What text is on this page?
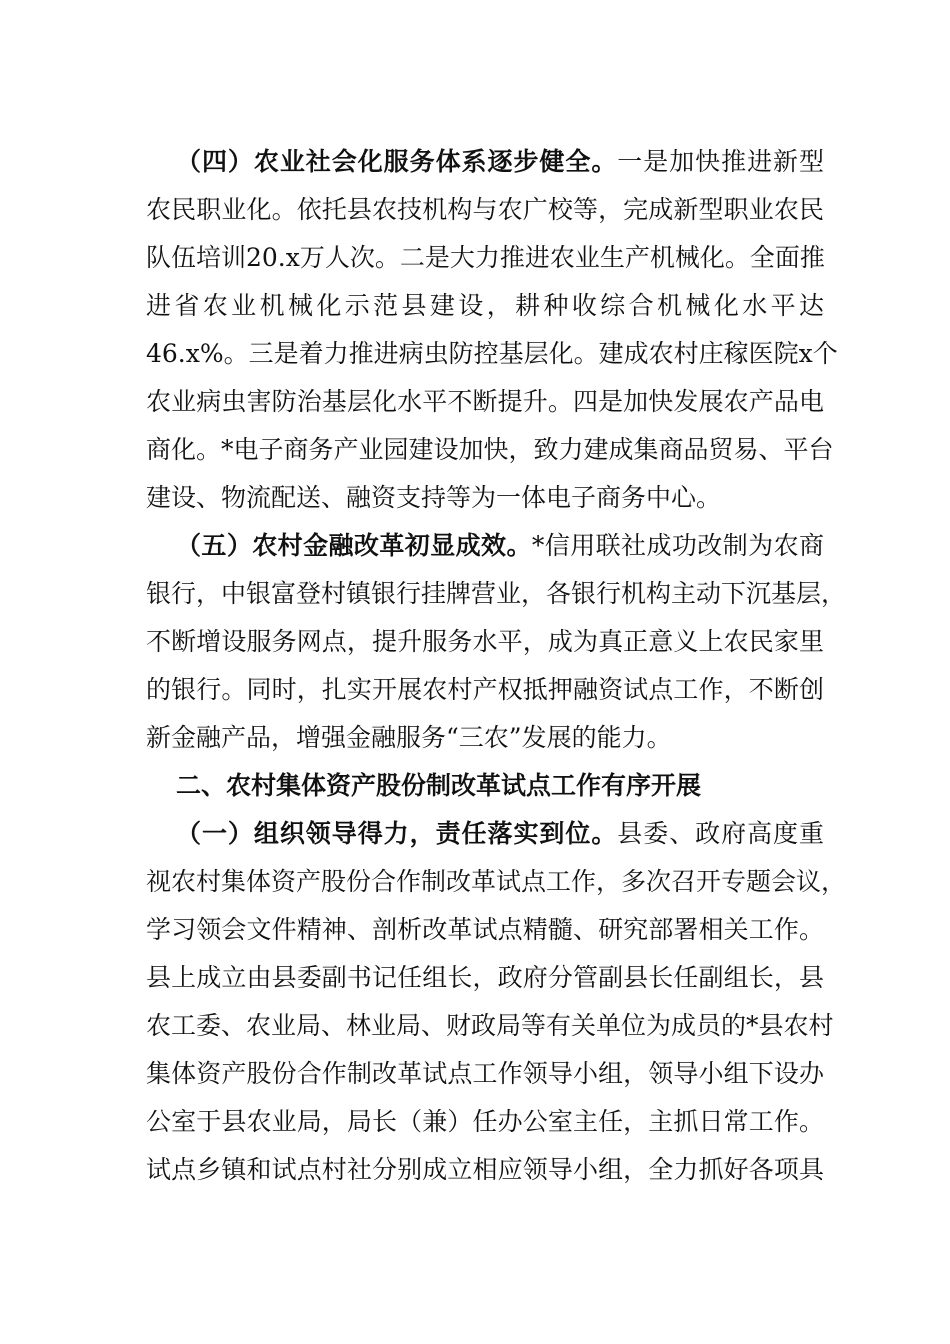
（四）农业社会化服务体系逐步健全。一是加快推进新型
农民职业化。依托县农技机构与农广校等，完成新型职业农民
队伍培训20.x万人次。二是大力推进农业生产机械化。全面推
进省农业机械化示范县建设，耕种收综合机械化水平达
46.x%。三是着力推进病虫防控基层化。建成农村庄稼医院x个
农业病虫害防治基层化水平不断提升。四是加快发展农产品电
商化。*电子商务产业园建设加快，致力建成集商品贸易、平台
建设、物流配送、融资支持等为一体电子商务中心。
（五）农村金融改革初显成效。*信用联社成功改制为农商
银行，中银富登村镇银行挂牌营业，各银行机构主动下沉基层，
不断增设服务网点，提升服务水平，成为真正意义上农民家里
的银行。同时，扎实开展农村产权抵押融资试点工作，不断创
新金融产品，增强金融服务“三农”发展的能力。
二、农村集体资产股份制改革试点工作有序开展
（一）组织领导得力，责任落实到位。县委、政府高度重
视农村集体资产股份合作制改革试点工作，多次召开专题会议，
学习领会文件精神、剖析改革试点精髓、研究部署相关工作。
县上成立由县委副书记任组长，政府分管副县长任副组长，县
农工委、农业局、林业局、财政局等有关单位为成员的*县农村
集体资产股份合作制改革试点工作领导小组，领导小组下设办
公室于县农业局，局长（兼）任办公室主任，主抓日常工作。
试点乡镇和试点村社分别成立相应领导小组，全力抓好各项具
